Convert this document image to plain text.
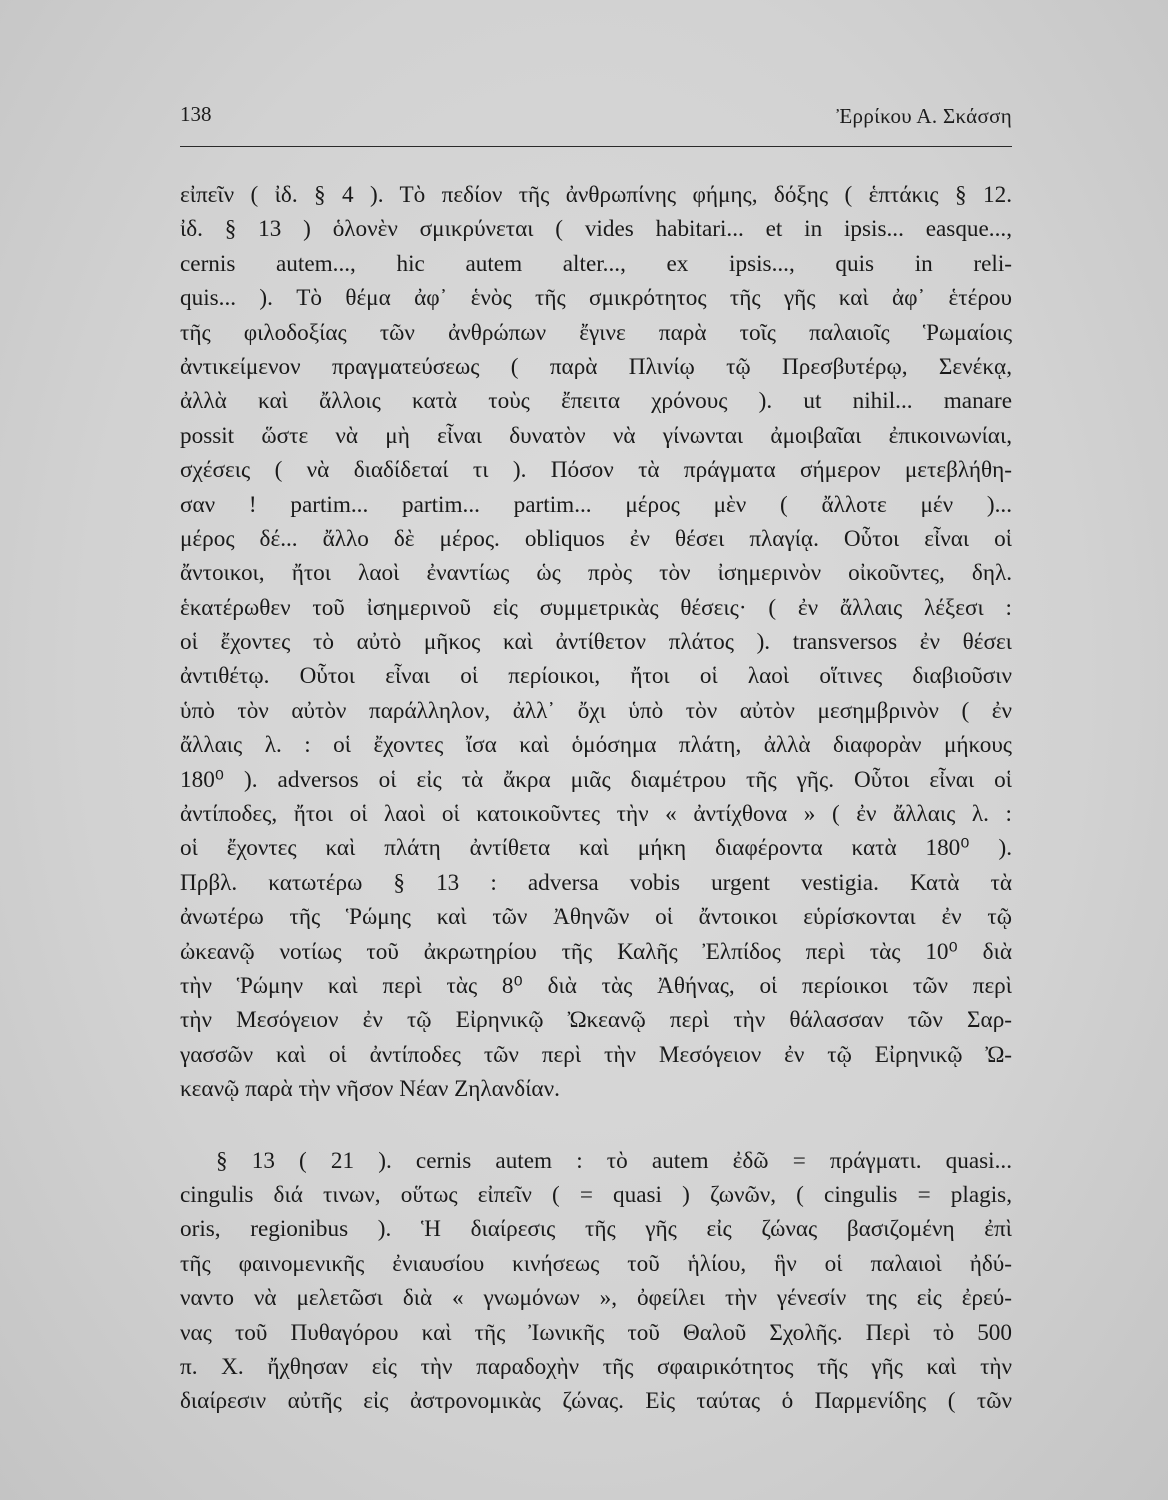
138	Ἐρρίκου Α. Σκάσση
εἰπεῖν ( ἰδ. § 4 ). Τὸ πεδίον τῆς ἀνθρωπίνης φήμης, δόξης ( ἑπτάκις § 12.
ἰδ. § 13 ) ὁλονὲν σμικρύνεται ( vides habitari... et in ipsis... easque...,
cernis autem..., hic autem alter..., ex ipsis..., quis in reli-
quis... ). Τὸ θέμα ἀφ᾽ ἑνὸς τῆς σμικρότητος τῆς γῆς καὶ ἀφ᾽ ἑτέρου
τῆς φιλοδοξίας τῶν ἀνθρώπων ἔγινε παρὰ τοῖς παλαιοῖς Ῥωμαίοις
ἀντικείμενον πραγματεύσεως ( παρὰ Πλινίῳ τῷ Πρεσβυτέρῳ, Σενέκᾳ,
ἀλλὰ καὶ ἄλλοις κατὰ τοὺς ἔπειτα χρόνους ). ut nihil... manare
possit ὥστε νὰ μὴ εἶναι δυνατὸν νὰ γίνωνται ἀμοιβαῖαι ἐπικοινωνίαι,
σχέσεις ( νὰ διαδίδεταί τι ). Πόσον τὰ πράγματα σήμερον μετεβλήθη-
σαν ! partim... partim... partim... μέρος μὲν ( ἄλλοτε μέν )...
μέρος δέ... ἄλλο δὲ μέρος. obliquos ἐν θέσει πλαγίᾳ. Οὗτοι εἶναι οἱ
ἄντοικοι, ἤτοι λαοὶ ἐναντίως ὡς πρὸς τὸν ἰσημερινὸν οἰκοῦντες, δηλ.
ἑκατέρωθεν τοῦ ἰσημερινοῦ εἰς συμμετρικὰς θέσεις· ( ἐν ἄλλαις λέξεσι :
οἱ ἔχοντες τὸ αὐτὸ μῆκος καὶ ἀντίθετον πλάτος ). transversos ἐν θέσει
ἀντιθέτῳ. Οὗτοι εἶναι οἱ περίοικοι, ἤτοι οἱ λαοὶ οἵτινες διαβιοῦσιν
ὑπὸ τὸν αὐτὸν παράλληλον, ἀλλ᾽ ὄχι ὑπὸ τὸν αὐτὸν μεσημβρινὸν ( ἐν
ἄλλαις λ. : οἱ ἔχοντες ἴσα καὶ ὁμόσημα πλάτη, ἀλλὰ διαφορὰν μήκους
180⁰ ). adversos οἱ εἰς τὰ ἄκρα μιᾶς διαμέτρου τῆς γῆς. Οὗτοι εἶναι οἱ
ἀντίποδες, ἤτοι οἱ λαοὶ οἱ κατοικοῦντες τὴν « ἀντίχθονα » ( ἐν ἄλλαις λ. :
οἱ ἔχοντες καὶ πλάτη ἀντίθετα καὶ μήκη διαφέροντα κατὰ 180⁰ ).
Πρβλ. κατωτέρω § 13 : adversa vobis urgent vestigia. Κατὰ τὰ
ἀνωτέρω τῆς Ῥώμης καὶ τῶν Ἀθηνῶν οἱ ἄντοικοι εὑρίσκονται ἐν τῷ
ὠκεανῷ νοτίως τοῦ ἀκρωτηρίου τῆς Καλῆς Ἐλπίδος περὶ τὰς 10⁰ διὰ
τὴν Ῥώμην καὶ περὶ τὰς 8⁰ διὰ τὰς Ἀθήνας, οἱ περίοικοι τῶν περὶ
τὴν Μεσόγειον ἐν τῷ Εἰρηνικῷ Ὠκεανῷ περὶ τὴν θάλασσαν τῶν Σαρ-
γασσῶν καὶ οἱ ἀντίποδες τῶν περὶ τὴν Μεσόγειον ἐν τῷ Εἰρηνικῷ Ὠ-
κεανῷ παρὰ τὴν νῆσον Νέαν Ζηλανδίαν.
§ 13 ( 21 ). cernis autem : τὸ autem ἐδῶ = πράγματι. quasi...
cingulis διά τινων, οὕτως εἰπεῖν ( = quasi ) ζωνῶν, ( cingulis = plagis,
oris, regionibus ). Ἡ διαίρεσις τῆς γῆς εἰς ζώνας βασιζομένη ἐπὶ
τῆς φαινομενικῆς ἐνιαυσίου κινήσεως τοῦ ἡλίου, ἣν οἱ παλαιοὶ ἠδύ-
ναντο νὰ μελετῶσι διὰ « γνωμόνων », ὀφείλει τὴν γένεσίν της εἰς ἐρεύ-
νας τοῦ Πυθαγόρου καὶ τῆς Ἰωνικῆς τοῦ Θαλοῦ Σχολῆς. Περὶ τὸ 500
π. Χ. ἤχθησαν εἰς τὴν παραδοχὴν τῆς σφαιρικότητος τῆς γῆς καὶ τὴν
διαίρεσιν αὐτῆς εἰς ἀστρονομικὰς ζώνας. Εἰς ταύτας ὁ Παρμενίδης ( τῶν
